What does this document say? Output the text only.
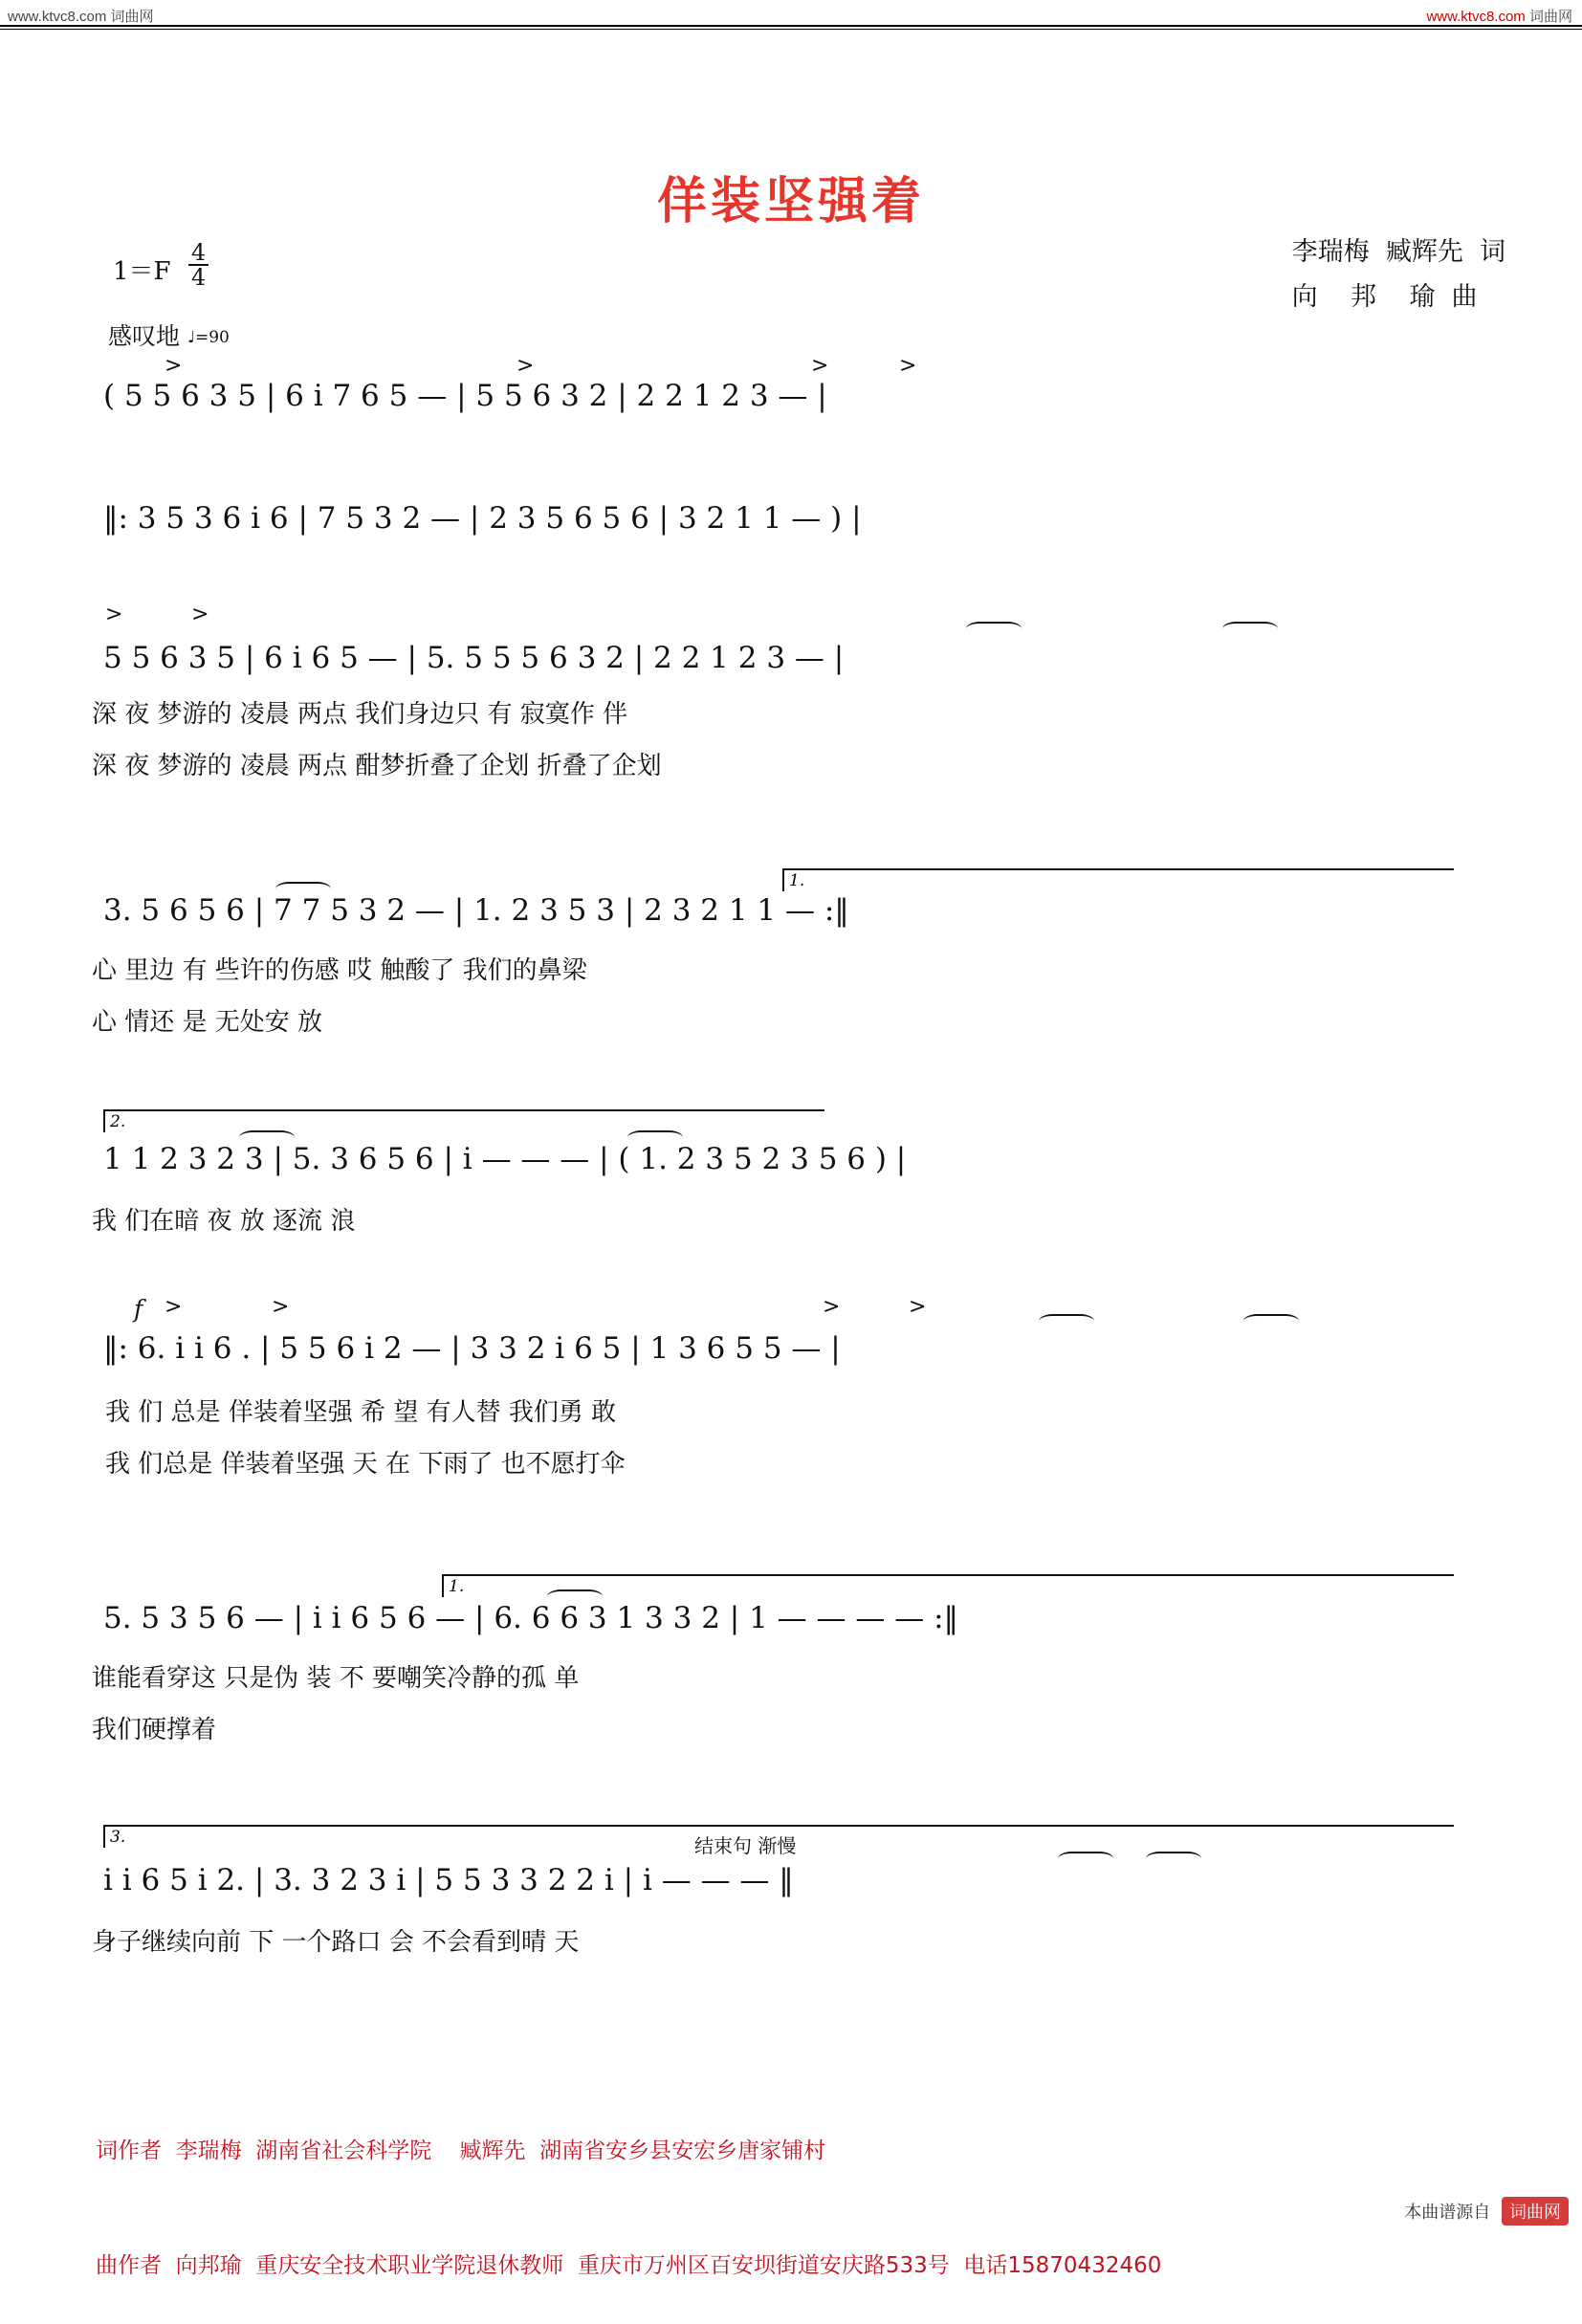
www.ktvc8.com 词曲网	www.ktvc8.com 词曲网
佯装坚强着
李瑞梅  臧辉先  词
向    邦    瑜  曲
$1=F \frac{4}{4}$
感叹地 ♩=90
>	>	>	>
( 5 5 6 3 5 | 6 i 7 6 5 — | 5 5 6 3 2 | 2 2 1 2 3 — |
‖: 3 5 3 6 i 6 | 7 5 3 2 — | 2 3 5 6 5 6 | 3 2 1 1 — ) |
>	>
5 5 6 3 5 | 6 i 6 5 — | 5. 5 5 5 6 3 2 | 2 2 1 2 3 — |
深 夜 梦游的 凌晨 两点 我们身边只 有 寂寞作 伴
深 夜 梦游的 凌晨 两点 酣梦折叠了企划 折叠了企划
1.
3. 5 6 5 6 | 7 7 5 3 2 — | 1. 2 3 5 3 | 2 3 2 1 1 — :‖
心 里边 有 些许的伤感 哎 触酸了 我们的鼻梁
心 情还 是 无处安 放
2.
1 1 2 3 2 3 | 5. 3 6 5 6 | i — — — | ( 1. 2 3 5 2 3 5 6 ) |
我 们在暗 夜 放 逐流 浪
f >	>	>	>
‖: 6. i i 6 . | 5 5 6 i 2 — | 3 3 2 i 6 5 | 1 3 6 5 5 — |
我 们 总是 佯装着坚强 希 望 有人替 我们勇 敢
我 们总是 佯装着坚强 天 在 下雨了 也不愿打伞
1.
5. 5 3 5 6 — | i i 6 5 6 — | 6. 6 6 3 1 3 3 2 | 1 — — — — :‖
谁能看穿这 只是伪 装 不 要嘲笑冷静的孤 单
我们硬撑着
3.	结束句 渐慢
i i 6 5 i 2. | 3. 3 2 3 i | 5 5 3 3 2 2 i | i — — — ‖
身子继续向前 下 一个路口 会 不会看到晴 天

词作者  李瑞梅  湖南省社会科学院    臧辉先  湖南省安乡县安宏乡唐家铺村

曲作者  向邦瑜  重庆安全技术职业学院退休教师  重庆市万州区百安坝街道安庆路533号  电话15870432460

本曲谱源自 词曲网
